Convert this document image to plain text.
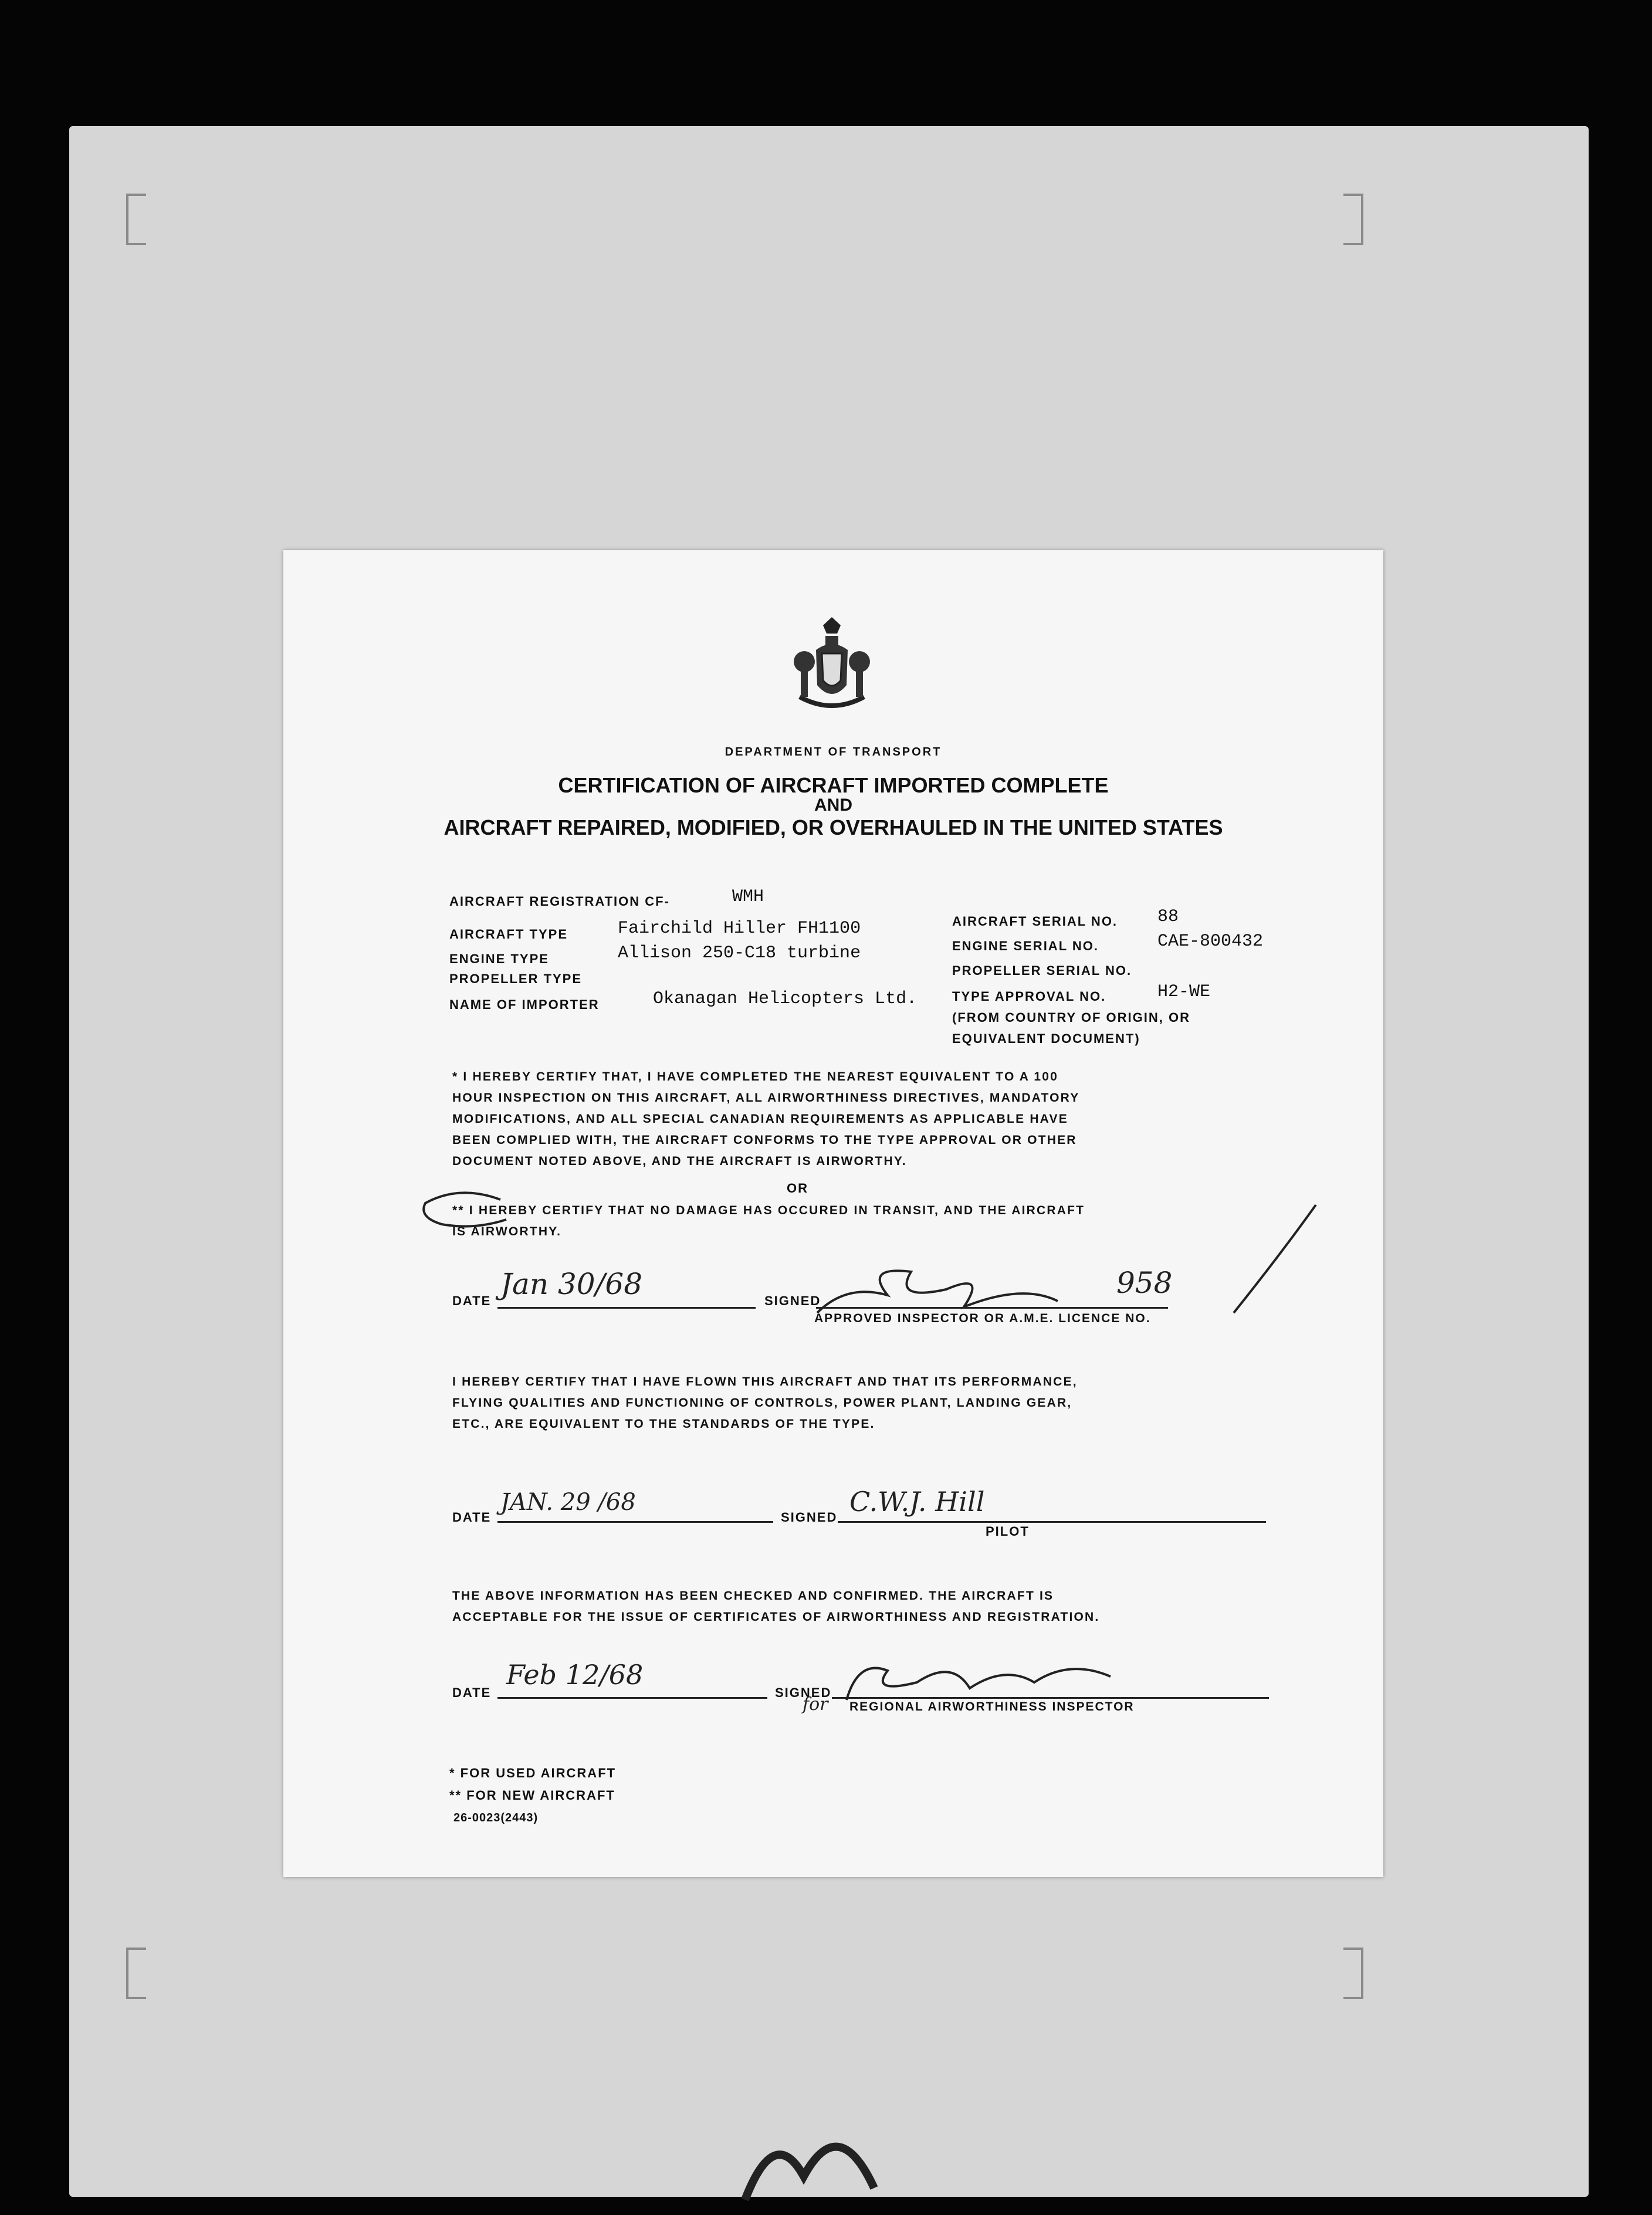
DEPARTMENT OF TRANSPORT
CERTIFICATION OF AIRCRAFT IMPORTED COMPLETE
AND
AIRCRAFT REPAIRED, MODIFIED, OR OVERHAULED IN THE UNITED STATES
AIRCRAFT REGISTRATION CF-	WMH
AIRCRAFT TYPE	Fairchild Hiller FH1100
ENGINE TYPE	Allison 250-C18 turbine
PROPELLER TYPE
NAME OF IMPORTER	Okanagan Helicopters Ltd.
AIRCRAFT SERIAL NO. 88
ENGINE SERIAL NO.	CAE-800432
PROPELLER SERIAL NO.
TYPE APPROVAL NO.	H2-WE
(FROM COUNTRY OF ORIGIN, OR
EQUIVALENT DOCUMENT)
* I HEREBY CERTIFY THAT, I HAVE COMPLETED THE NEAREST EQUIVALENT TO A 100
HOUR INSPECTION ON THIS AIRCRAFT, ALL AIRWORTHINESS DIRECTIVES, MANDATORY
MODIFICATIONS, AND ALL SPECIAL CANADIAN REQUIREMENTS AS APPLICABLE HAVE
BEEN COMPLIED WITH, THE AIRCRAFT CONFORMS TO THE TYPE APPROVAL OR OTHER
DOCUMENT NOTED ABOVE, AND THE AIRCRAFT IS AIRWORTHY.
OR
** I HEREBY CERTIFY THAT NO DAMAGE HAS OCCURED IN TRANSIT, AND THE AIRCRAFT
IS AIRWORTHY.
DATE Jan 30/68	SIGNED
958
APPROVED INSPECTOR OR A.M.E. LICENCE NO.
I HEREBY CERTIFY THAT I HAVE FLOWN THIS AIRCRAFT AND THAT ITS PERFORMANCE,
FLYING QUALITIES AND FUNCTIONING OF CONTROLS, POWER PLANT, LANDING GEAR,
ETC., ARE EQUIVALENT TO THE STANDARDS OF THE TYPE.
DATE
JAN. 29 /68
SIGNED C.W.J. Hill
PILOT
THE ABOVE INFORMATION HAS BEEN CHECKED AND CONFIRMED. THE AIRCRAFT IS
ACCEPTABLE FOR THE ISSUE OF CERTIFICATES OF AIRWORTHINESS AND REGISTRATION.
DATE
Feb 12/68
SIGNED
for REGIONAL AIRWORTHINESS INSPECTOR
* FOR USED AIRCRAFT
** FOR NEW AIRCRAFT
26-0023(2443)
